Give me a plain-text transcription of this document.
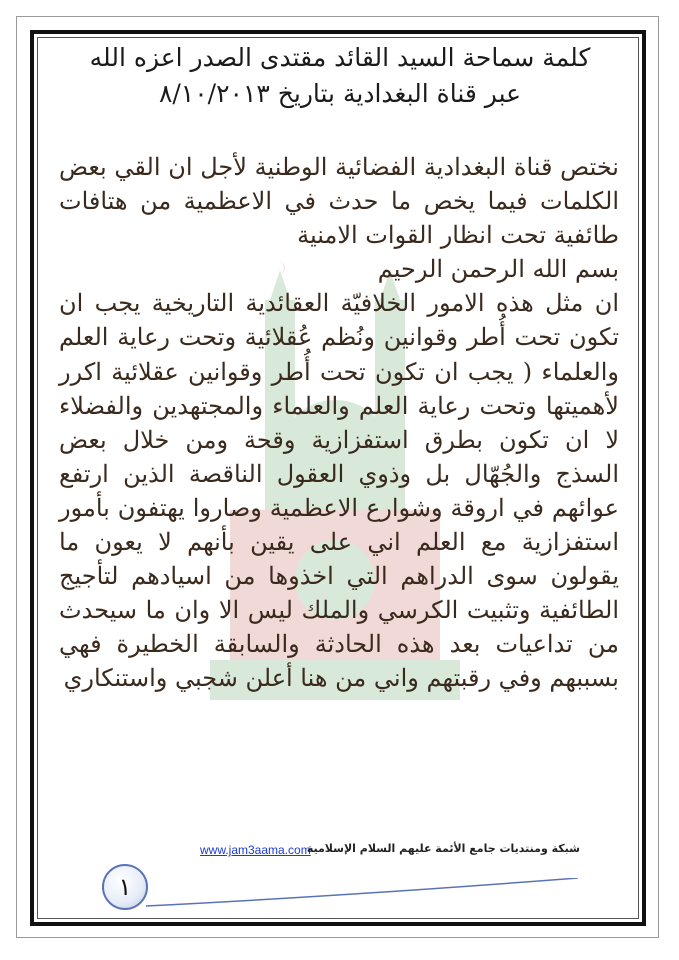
كلمة سماحة السيد القائد مقتدى الصدر اعزه الله

عبر قناة البغدادية بتاريخ ٨/١٠/٢٠١٣

نختص قناة البغدادية الفضائية الوطنية لأجل ان القي بعض الكلمات فيما يخص ما حدث في الاعظمية من هتافات طائفية تحت انظار القوات الامنية

بسم الله الرحمن الرحيم

ان مثل هذه الامور الخلافيّة العقائدية التاريخية يجب ان تكون تحت أُطر وقوانين ونُظم عُقلائية وتحت رعاية العلم والعلماء ( يجب ان تكون تحت أُطر وقوانين عقلائية اكرر لأهميتها وتحت رعاية العلم والعلماء والمجتهدين والفضلاء لا ان تكون بطرق استفزازية وقحة ومن خلال بعض السذج والجُهّال بل وذوي العقول الناقصة الذين ارتفع عوائهم في اروقة وشوارع الاعظمية وصاروا يهتفون بأمور استفزازية مع العلم اني على يقين بأنهم لا يعون ما يقولون سوى الدراهم التي اخذوها من اسيادهم لتأجيج الطائفية وتثبيت الكرسي والملك ليس الا وان ما سيحدث من تداعيات بعد هذه الحادثة والسابقة الخطيرة فهي بسببهم وفي رقبتهم واني من هنا أعلن شجبي واستنكاري

www.jam3aama.com
شبكة ومنتديات جامع الأئمة عليهم السلام الإسلامية
١
